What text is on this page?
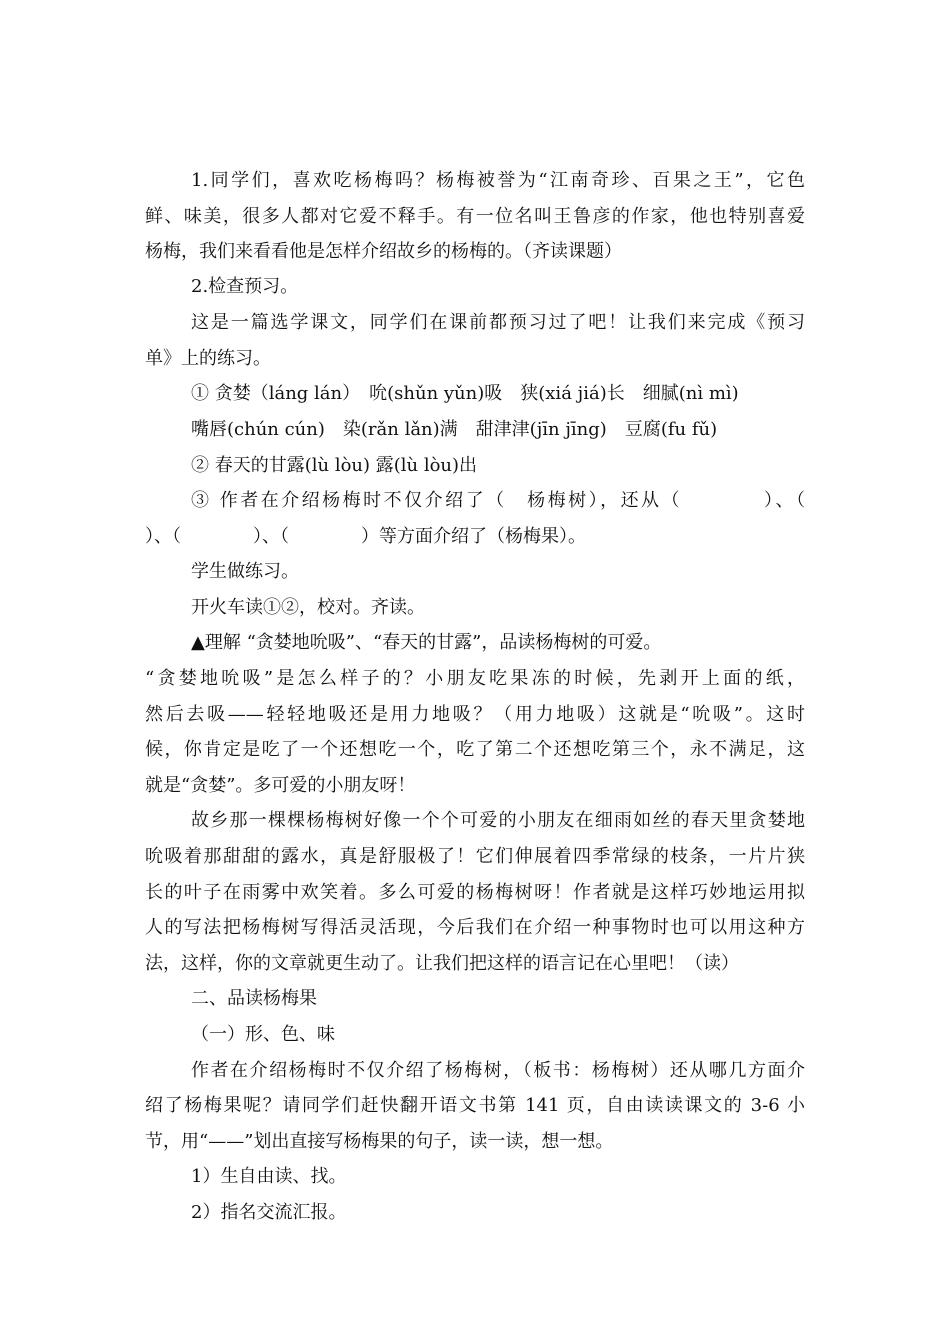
1.同学们，喜欢吃杨梅吗？杨梅被誉为“江南奇珍、百果之王”，它色
鲜、味美，很多人都对它爱不释手。有一位名叫王鲁彦的作家，他也特别喜爱
杨梅，我们来看看他是怎样介绍故乡的杨梅的。（齐读课题）
2.检查预习。
这是一篇选学课文，同学们在课前都预习过了吧！让我们来完成《预习
单》上的练习。
① 贪婪（láng lán）　吮(shǔn yǔn)吸　狭(xiá jiá)长　细腻(nì mì)
嘴唇(chún cún)　染(rǎn lǎn)满　甜津津(jīn jīng)　豆腐(fu fǔ)
② 春天的甘露(lù lòu) 露(lù lòu)出
③ 作者在介绍杨梅时不仅介绍了（　杨梅树），还从（　　　　）、（
）、（　　　　）、（　　　　）等方面介绍了（杨梅果）。
学生做练习。
开火车读①②，校对。齐读。
▲理解 “贪婪地吮吸”、“春天的甘露”，品读杨梅树的可爱。
“贪婪地吮吸”是怎么样子的？小朋友吃果冻的时候，先剥开上面的纸，
然后去吸——轻轻地吸还是用力地吸？（用力地吸）这就是“吮吸”。这时
候，你肯定是吃了一个还想吃一个，吃了第二个还想吃第三个，永不满足，这
就是“贪婪”。多可爱的小朋友呀！
故乡那一棵棵杨梅树好像一个个可爱的小朋友在细雨如丝的春天里贪婪地
吮吸着那甜甜的露水，真是舒服极了！它们伸展着四季常绿的枝条，一片片狭
长的叶子在雨雾中欢笑着。多么可爱的杨梅树呀！作者就是这样巧妙地运用拟
人的写法把杨梅树写得活灵活现，今后我们在介绍一种事物时也可以用这种方
法，这样，你的文章就更生动了。让我们把这样的语言记在心里吧！（读）
二、品读杨梅果
（一）形、色、味
作者在介绍杨梅时不仅介绍了杨梅树，（板书：杨梅树）还从哪几方面介
绍了杨梅果呢？请同学们赶快翻开语文书第 141 页，自由读读课文的 3-6 小
节，用“——”划出直接写杨梅果的句子，读一读，想一想。
1）生自由读、找。
2）指名交流汇报。
